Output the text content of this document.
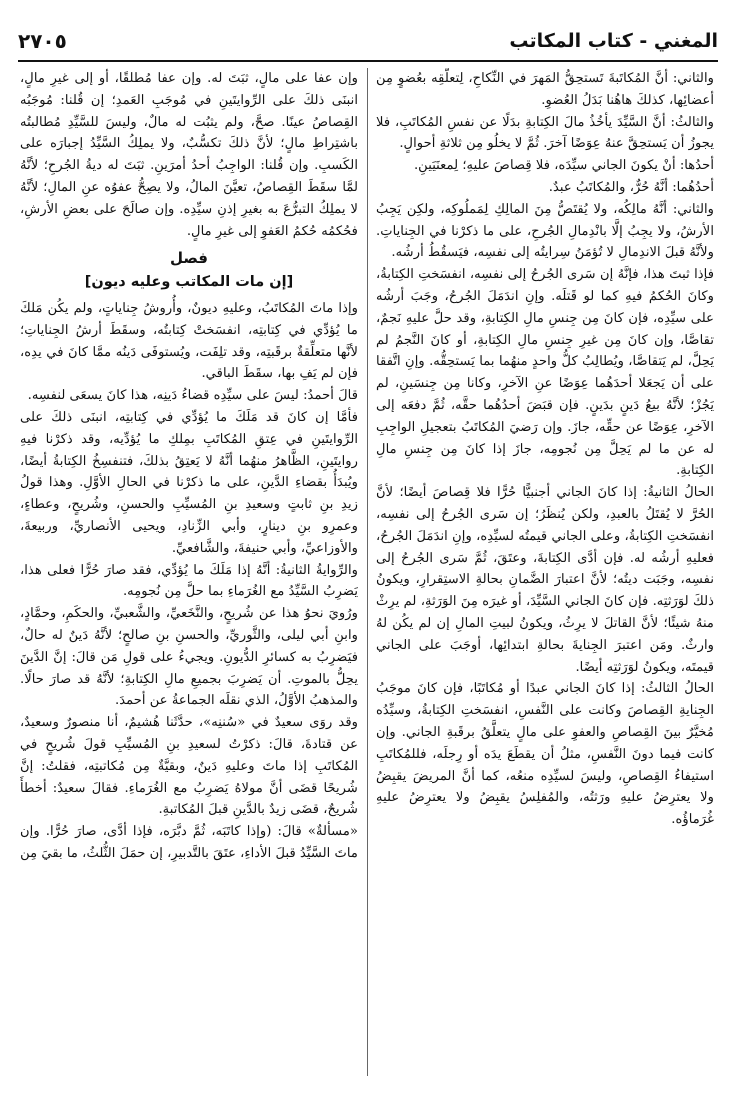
المغني - كتاب المكاتب
٢٧٠٥

والثاني: أنَّ المُكاتَبةَ تَستحِقُّ المَهرَ في النِّكاحِ، لِتعلُّقِه بعُضوٍ مِن أعضائِها، كذلكَ هاهُنا بَدَلُ العُضوِ.

والثالثُ: أنَّ السَّيِّدَ يأخُذُ مالَ الكِتابةِ بدَلًا عن نفسِ المُكاتَبِ، فلا يجوزُ أن يَستحِقَّ عنهُ عِوَضًا آخرَ. ثُمَّ لا يخلُو مِن ثلاثةِ أحوالٍ.

أحدُها: أنْ يكونَ الجاني سيِّدَه، فلا قِصاصَ عليهِ؛ لِمعنَيَينِ.

أحدُهُما: أنَّهُ حُرٌّ، والمُكاتَبُ عبدٌ.

والثاني: أنَّهُ مالِكُه، ولا يُقتَصُّ مِنَ المالِكِ لِمَملُوكِه، ولكِن يَجِبُ الأرشُ، ولا يجِبُ إلَّا بانْدِمالِ الجُرحِ، على ما ذكرْنا في الجِناياتِ. ولأنَّهُ قبلَ الاندِمالِ لا تُؤمَنُ سِرايتُه إلى نفسِه، فيَسقُطُ أرشُه.

فإذا ثبتَ هذا، فإنَّهُ إن سَرى الجُرحُ إلى نفسِه، انفسَختِ الكِتابةُ، وكانَ الحُكمُ فيهِ كما لو قَتلَه. وإنِ اندَمَلَ الجُرحُ، وجَبَ أرشُه على سيِّدِه، فإن كانَ مِن جِنسِ مالِ الكِتابةِ، وقد حلَّ عليهِ نَجمٌ، تقاصَّا، وإن كانَ مِن غيرِ جِنسِ مالِ الكِتابةِ، أو كانَ النَّجمُ لم يَحِلَّ، لم يَتقاصَّا، ويُطالِبُ كلُّ واحدٍ منهُما بما يَستحِقُّه. وإنِ اتَّفقا على أن يَجعَلا أحدَهُما عِوَضًا عنِ الآخرِ، وكانا مِن جِنسَينِ، لم يَجُزْ؛ لأنَّهُ بيعُ دَينٍ بدَينٍ. فإن قبَضَ أحدُهُما حقَّه، ثُمَّ دفعَه إلى الآخرِ، عِوَضًا عن حقِّه، جازَ. وإن رَضيَ المُكاتَبُ بتعجيلِ الواجِبِ له عن ما لم يَحِلَّ مِن نُجومِه، جازَ إذا كانَ مِن جِنسِ مالِ الكِتابةِ.

الحالُ الثانيةُ: إذا كانَ الجاني أجنبيًّا حُرًّا فلا قِصاصَ أيضًا؛ لأنَّ الحُرَّ لا يُقتَلُ بالعبدِ، ولكن يُنظَرُ؛ إن سَرى الجُرحُ إلى نفسِه، انفسَختِ الكِتابةُ، وعلى الجاني قيمتُه لسيِّدِه، وإنِ اندَمَلَ الجُرحُ، فعليهِ أرشُه له. فإن أدَّى الكِتابةَ، وعتَقَ، ثُمَّ سَرى الجُرحُ إلى نفسِه، وجَبَت ديتُه؛ لأنَّ اعتبارَ الضَّمانِ بحالةِ الاستِقرارِ، ويكونُ ذلكَ لوَرَثتِه. فإن كانَ الجاني السَّيِّدَ، أو غيرَه مِنَ الوَرَثةِ، لم يرِثْ منهُ شيئًا؛ لأنَّ القاتلَ لا يرِثُ، ويكونُ لبيتِ المالِ إن لم يكُن لهُ وارثٌ. ومَن اعتبرَ الجِنايةَ بحالةِ ابتدائِها، أوجَبَ على الجاني قيمتَه، ويكونُ لوَرَثتِه أيضًا.

الحالُ الثالثُ: إذا كانَ الجاني عبدًا أو مُكاتَبًا، فإن كانَ موجَبُ الجِنايةِ القِصاصَ وكانت على النَّفسِ، انفسَختِ الكِتابةُ، وسيِّدُه مُخيَّرٌ بينَ القِصاصِ والعفوِ على مالٍ يتعلَّقُ برقَبةِ الجاني. وإن كانت فيما دونَ النَّفسِ، مثلُ أن يقطَعَ يدَه أو رِجلَه، فللمُكاتَبِ استيفاءُ القِصاصِ، وليسَ لسيِّدِه منعُه، كما أنَّ المريضَ يقبِضُ ولا يعترِضُ عليهِ ورَثتُه، والمُفلِسُ يقبِضُ ولا يعترِضُ عليهِ غُرَماؤُه.

وإن عفا على مالٍ، ثبَتَ له. وإن عفا مُطلقًا، أو إلى غيرِ مالٍ، انبنَى ذلكَ على الرِّوايتَينِ في مُوجَبِ العَمدِ؛ إن قُلنا: مُوجَبُه القِصاصُ عينًا. صحَّ، ولم يثبُت له مالٌ، وليسَ للسَّيِّدِ مُطالبتُه باشتِراطِ مالٍ؛ لأنَّ ذلكَ تكسُّبٌ، ولا يملِكُ السَّيِّدُ إجبارَه على الكَسبِ. وإن قُلنا: الواجِبُ أحدُ أمرَينِ. ثبَتَ له ديةُ الجُرحِ؛ لأنَّهُ لمَّا سقَطَ القِصاصُ، تعيَّنَ المالُ، ولا يصِحُّ عفوُه عنِ المالِ؛ لأنَّهُ لا يملِكُ التبرُّعَ به بغيرِ إذنِ سيِّدِه. وإن صالَحَ على بعضِ الأرشِ، فحُكمُه حُكمُ العَفوِ إلى غيرِ مالٍ.

فصل
[إن مات المكاتب وعليه ديون]

وإذا ماتَ المُكاتَبُ، وعليهِ ديونٌ، وأُروشُ جِناياتٍ، ولم يكُن مَلكَ ما يُؤدِّي في كِتابتِه، انفسَختْ كِتابتُه، وسقَطَ أرشُ الجِناياتِ؛ لأنَّها متعلِّقةٌ برقَبتِه، وقد تلِفَت، ويُستوفَى دَينُه ممَّا كانَ في يدِه، فإن لم يَفِ بها، سقَطَ الباقي.

قالَ أحمدُ: ليسَ على سيِّدِه قضاءُ دَينِه، هذا كانَ يسعَى لنفسِه.

فأمَّا إن كانَ قد مَلَكَ ما يُؤدِّي في كِتابتِه، انبنَى ذلكَ على الرِّوايتَينِ في عِتقِ المُكاتَبِ بمِلكِ ما يُؤدِّيه، وقد ذكرْنا فيهِ روايتَينِ، الظَّاهرُ منهُما أنَّهُ لا يَعتِقُ بذلكَ، فتنفسِخُ الكِتابةُ أيضًا، ويُبدَأُ بقضاءِ الدَّينِ، على ما ذكرْنا في الحالِ الأوَّلِ. وهذا قولُ زيدِ بنِ ثابتٍ وسعيدِ بنِ المُسيِّبِ والحسنِ، وشُريحٍ، وعطاءٍ، وعمرِو بنِ دينارٍ، وأبي الزِّنادِ، ويحيى الأنصاريِّ، وربيعةَ، والأوزاعيِّ، وأبي حنيفةَ، والشَّافعيِّ.

والرِّوايةُ الثانيةُ: أنَّهُ إذا مَلَكَ ما يُؤدِّي، فقد صارَ حُرًّا فعلى هذا، يَضرِبُ السَّيِّدُ مع الغُرَماءِ بما حلَّ مِن نُجومِه.

ورُويَ نحوُ هذا عن شُريحٍ، والنَّخَعيِّ، والشَّعبيِّ، والحكَمِ، وحمَّادٍ، وابنِ أبي ليلى، والثَّوريِّ، والحسنِ بنِ صالحٍ؛ لأنَّهُ دَينٌ له حالٌ، فيَضرِبُ به كسائرِ الدُّيونِ. ويجيءُ على قولِ مَن قالَ: إنَّ الدَّينَ يحِلُّ بالموتِ. أن يَضرِبَ بجميعِ مالِ الكِتابةِ؛ لأنَّهُ قد صارَ حالًا. والمذهبُ الأوَّلُ، الذي نقلَه الجماعةُ عن أحمدَ.

وقد روَى سعيدٌ في «سُننِه»، حدَّثَنا هُشيمٌ، أنا منصورٌ وسعيدٌ، عن قتادةَ، قالَ: ذكرْتُ لسعيدِ بنِ المُسيِّبِ قولَ شُريحٍ في المُكاتَبِ إذا ماتَ وعليهِ دَينٌ، وبقيَّةٌ مِن مُكاتبتِه، فقلتُ: إنَّ شُريحًا قضَى أنَّ مولاهُ يَضرِبُ مع الغُرَماءِ. فقالَ سعيدٌ: أخطأَ شُريحٌ، قضَى زيدٌ بالدَّينِ قبلَ المُكاتبةِ.

«مسألةٌ» قالَ: (وإذا كاتَبَه، ثُمَّ دبَّرَه، فإذا أدَّى، صارَ حُرًّا. وإن ماتَ السَّيِّدُ قبلَ الأداءِ، عتَقَ بالتَّدبيرِ، إن حمَلَ الثُّلثُ، ما بقيَ مِن
